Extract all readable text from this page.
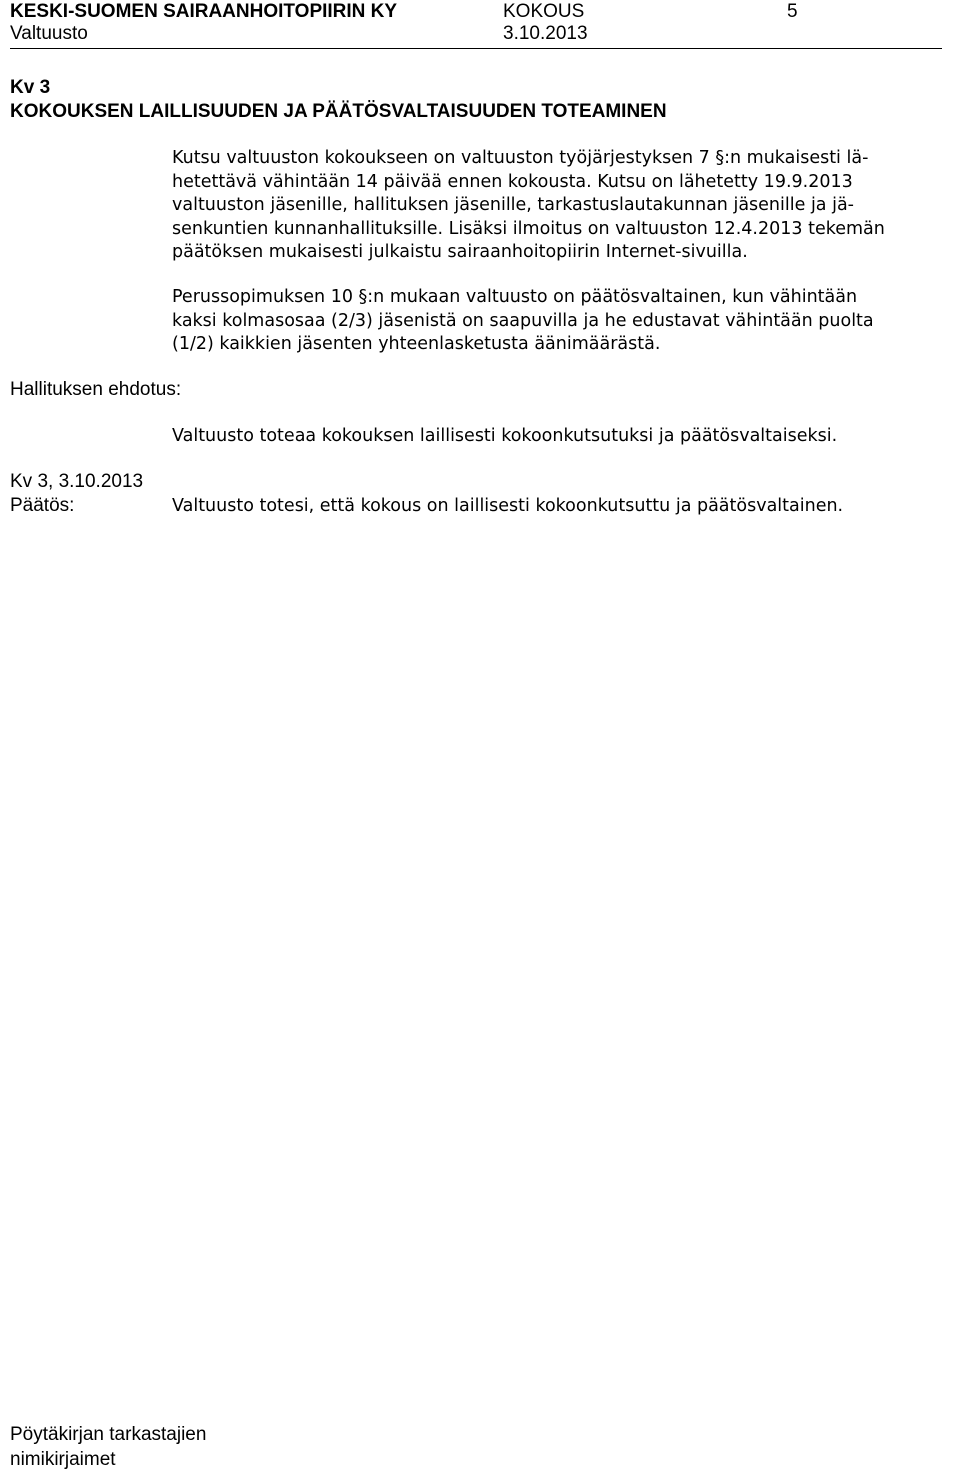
KESKI-SUOMEN SAIRAANHOITOPIIRIN KY	KOKOUS	5
Valtuusto	3.10.2013
Kv 3
KOKOUKSEN LAILLISUUDEN JA PÄÄTÖSVALTAISUUDEN TOTEAMINEN
Kutsu valtuuston kokoukseen on valtuuston työjärjestyksen 7 §:n mukaisesti lä-
hetettävä vähintään 14 päivää ennen kokousta. Kutsu on lähetetty 19.9.2013
valtuuston jäsenille, hallituksen jäsenille, tarkastuslautakunnan jäsenille ja jä-
senkuntien kunnanhallituksille. Lisäksi ilmoitus on valtuuston 12.4.2013 tekemän
päätöksen mukaisesti julkaistu sairaanhoitopiirin Internet-sivuilla.
Perussopimuksen 10 §:n mukaan valtuusto on päätösvaltainen, kun vähintään
kaksi kolmasosaa (2/3) jäsenistä on saapuvilla ja he edustavat vähintään puolta
(1/2) kaikkien jäsenten yhteenlasketusta äänimäärästä.
Hallituksen ehdotus:
Valtuusto toteaa kokouksen laillisesti kokoonkutsutuksi ja päätösvaltaiseksi.
Kv 3, 3.10.2013
Päätös:	Valtuusto totesi, että kokous on laillisesti kokoonkutsuttu ja päätösvaltainen.
Pöytäkirjan tarkastajien
nimikirjaimet
